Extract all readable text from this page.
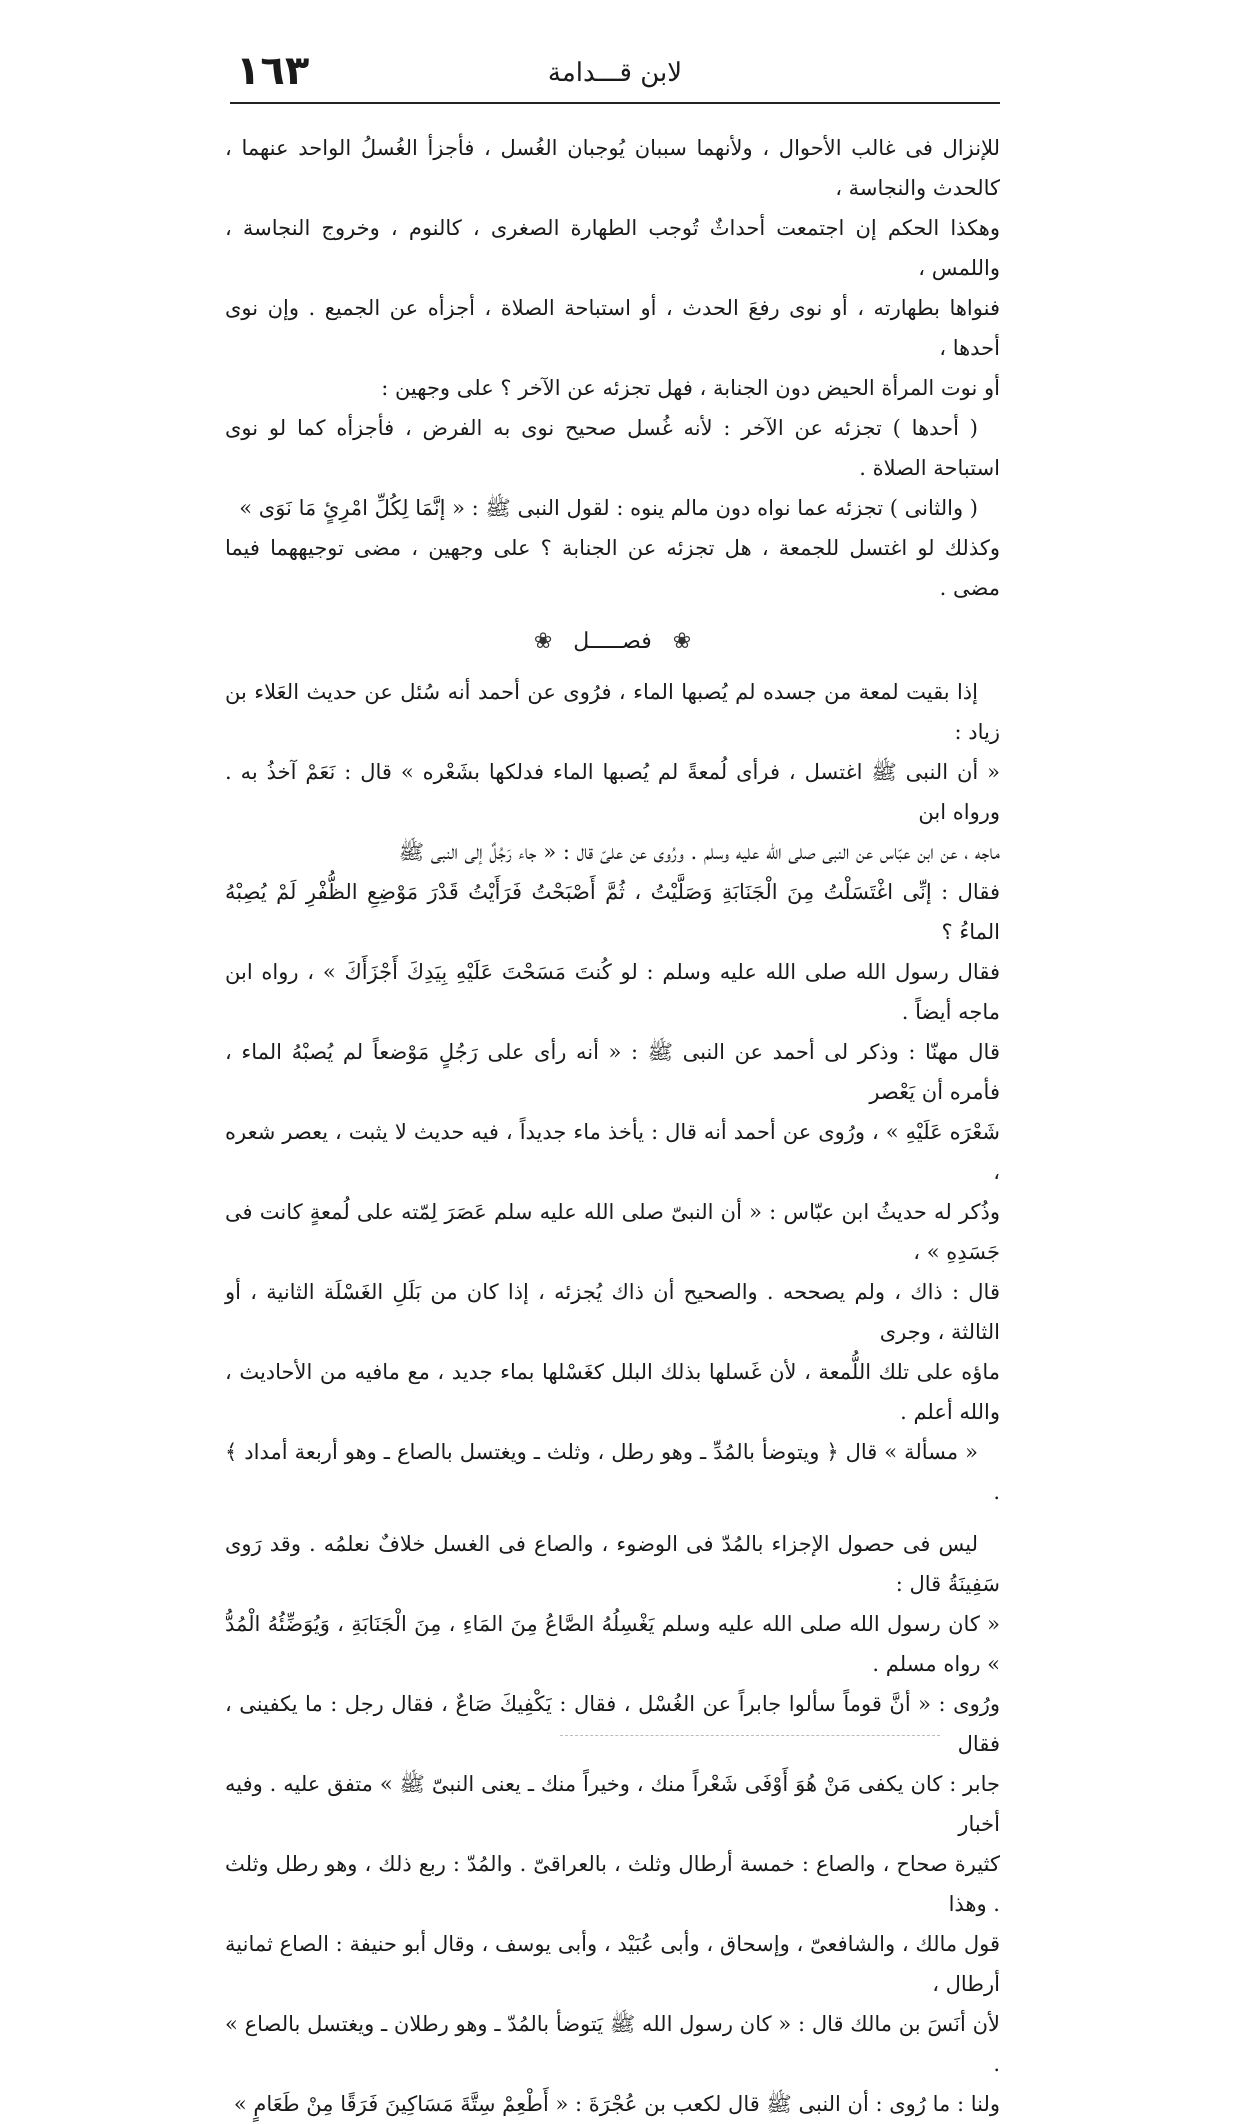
١٦٣	لابن قـــدامة

للإنزال فى غالب الأحوال ، ولأنهما سببان يُوجبان الغُسل ، فأجزأ الغُسلُ الواحد عنهما ، كالحدث والنجاسة ،

وهكذا الحكم إن اجتمعت أحداثٌ تُوجب الطهارة الصغرى ، كالنوم ، وخروج النجاسة ، واللمس ،

فنواها بطهارته ، أو نوى رفعَ الحدث ، أو استباحة الصلاة ، أجزأه عن الجميع . وإن نوى أحدها ،

أو نوت المرأة الحيض دون الجنابة ، فهل تجزئه عن الآخر ؟ على وجهين :

( أحدها ) تجزئه عن الآخر : لأنه غُسل صحيح نوى به الفرض ، فأجزأه كما لو نوى استباحة الصلاة .

( والثانى ) تجزئه عما نواه دون مالم ينوه : لقول النبى ﷺ : « إنَّمَا لِكُلِّ امْرِئٍ مَا نَوَى »

وكذلك لو اغتسل للجمعة ، هل تجزئه عن الجنابة ؟ على وجهين ، مضى توجيههما فيما مضى .

❀ فصـــــل ❀

إذا بقيت لمعة من جسده لم يُصبها الماء ، فرُوى عن أحمد أنه سُئل عن حديث العَلاء بن زياد :

« أن النبى ﷺ اغتسل ، فرأى لُمعةً لم يُصبها الماء فدلكها بشَعْره » قال : نَعَمْ آخذُ به . ورواه ابن

ماجه ، عن ابن عبّاس عن النبى صلى الله عليه وسلم . ورُوى عن علىّ قال : « جاء رَجُلٌ إلى النبى ﷺ

فقال : إنِّى اغْتَسَلْتُ مِنَ الْجَنَابَةِ وَصَلَّيْتُ ، ثُمَّ أَصْبَحْتُ فَرَأَيْتُ قَدْرَ مَوْضِعِ الظُّفْرِ لَمْ يُصِبْهُ الماءُ ؟

فقال رسول الله صلى الله عليه وسلم : لو كُنتَ مَسَحْتَ عَلَيْهِ بِيَدِكَ أَجْزَأَكَ » ، رواه ابن ماجه أيضاً .

قال مهنّا : وذكر لى أحمد عن النبى ﷺ : « أنه رأى على رَجُلٍ مَوْضعاً لم يُصبْهُ الماء ، فأمره أن يَعْصر

شَعْرَه عَلَيْهِ » ، ورُوى عن أحمد أنه قال : يأخذ ماء جديداً ، فيه حديث لا يثبت ، يعصر شعره ،

وذُكر له حديثُ ابن عبّاس : « أن النبىّ صلى الله عليه سلم عَصَرَ لِمّته على لُمعةٍ كانت فى جَسَدِهِ » ،

قال : ذاك ، ولم يصححه . والصحيح أن ذاك يُجزئه ، إذا كان من بَلَلِ الغَسْلَة الثانية ، أو الثالثة ، وجرى

ماؤه على تلك اللُّمعة ، لأن غَسلها بذلك البلل كغَسْلها بماء جديد ، مع مافيه من الأحاديث ، والله أعلم .

« مسألة » قال ﴿ ويتوضأ بالمُدِّ ـ وهو رطل ، وثلث ـ ويغتسل بالصاع ـ وهو أربعة أمداد ﴾ .

ليس فى حصول الإجزاء بالمُدّ فى الوضوء ، والصاع فى الغسل خلافٌ نعلمُه . وقد رَوى سَفِينَةُ قال :

« كان رسول الله صلى الله عليه وسلم يَغْسِلُهُ الصَّاعُ مِنَ المَاءِ ، مِنَ الْجَنَابَةِ ، وَيُوَضِّئُهُ الْمُدُّ » رواه مسلم .

ورُوى : « أنَّ قوماً سألوا جابراً عن الغُسْل ، فقال : يَكْفِيكَ صَاعٌ ، فقال رجل : ما يكفينى ، فقال

جابر : كان يكفى مَنْ هُوَ أَوْفَى شَعْراً منك ، وخيراً منك ـ يعنى النبىّ ﷺ » متفق عليه . وفيه أخبار

كثيرة صحاح ، والصاع : خمسة أرطال وثلث ، بالعراقىّ . والمُدّ : ربع ذلك ، وهو رطل وثلث . وهذا

قول مالك ، والشافعىّ ، وإسحاق ، وأبى عُبَيْد ، وأبى يوسف ، وقال أبو حنيفة : الصاع ثمانية أرطال ،

لأن أنَسَ بن مالك قال : « كان رسول الله ﷺ يَتوضأ بالمُدّ ـ وهو رطلان ـ ويغتسل بالصاع » .

ولنا : ما رُوى : أن النبى ﷺ قال لكعب بن عُجْرَةَ : « أَطْعِمْ سِتَّةَ مَسَاكِينَ فَرَقًا مِنْ طَعَامٍ »
